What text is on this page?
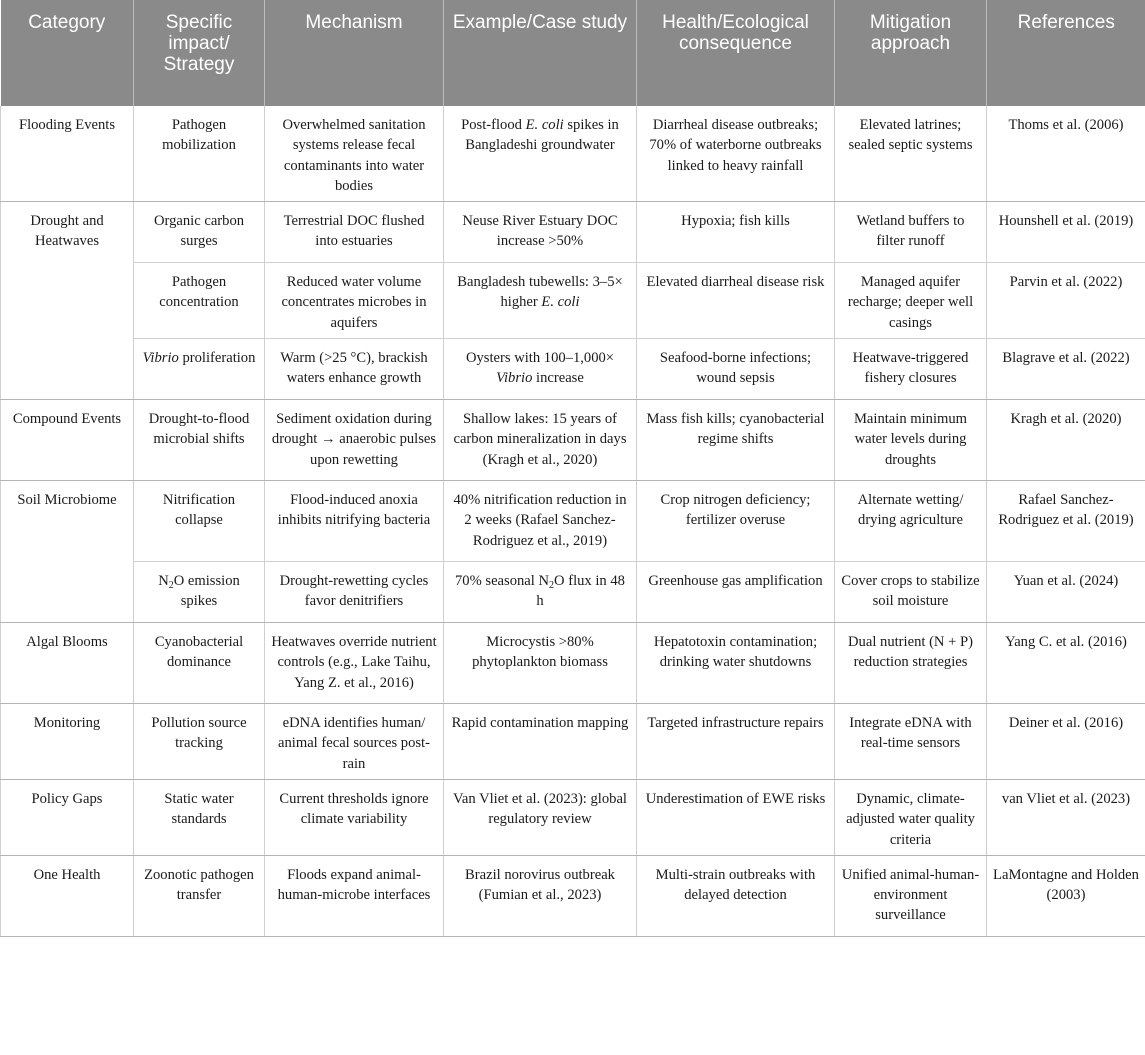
Category	Specific impact/ Strategy	Mechanism	Example/Case study	Health/Ecological consequence	Mitigation approach	References
Flooding Events	Pathogen mobilization	Overwhelmed sanitation systems release fecal contaminants into water bodies	Post-flood E. coli spikes in Bangladeshi groundwater	Diarrheal disease outbreaks; 70% of waterborne outbreaks linked to heavy rainfall	Elevated latrines; sealed septic systems	Thoms et al. (2006)
Drought and Heatwaves	Organic carbon surges	Terrestrial DOC flushed into estuaries	Neuse River Estuary DOC increase >50%	Hypoxia; fish kills	Wetland buffers to filter runoff	Hounshell et al. (2019)
	Pathogen concentration	Reduced water volume concentrates microbes in aquifers	Bangladesh tubewells: 3–5× higher E. coli	Elevated diarrheal disease risk	Managed aquifer recharge; deeper well casings	Parvin et al. (2022)
	Vibrio proliferation	Warm (>25 °C), brackish waters enhance growth	Oysters with 100–1,000× Vibrio increase	Seafood-borne infections; wound sepsis	Heatwave-triggered fishery closures	Blagrave et al. (2022)
Compound Events	Drought-to-flood microbial shifts	Sediment oxidation during drought → anaerobic pulses upon rewetting	Shallow lakes: 15 years of carbon mineralization in days (Kragh et al., 2020)	Mass fish kills; cyanobacterial regime shifts	Maintain minimum water levels during droughts	Kragh et al. (2020)
Soil Microbiome	Nitrification collapse	Flood-induced anoxia inhibits nitrifying bacteria	40% nitrification reduction in 2 weeks (Rafael Sanchez-Rodriguez et al., 2019)	Crop nitrogen deficiency; fertilizer overuse	Alternate wetting/ drying agriculture	Rafael Sanchez-Rodriguez et al. (2019)
	$N_2O$ emission spikes	Drought-rewetting cycles favor denitrifiers	70% seasonal $N_2O$ flux in 48 h	Greenhouse gas amplification	Cover crops to stabilize soil moisture	Yuan et al. (2024)
Algal Blooms	Cyanobacterial dominance	Heatwaves override nutrient controls (e.g., Lake Taihu, Yang Z. et al., 2016)	Microcystis >80% phytoplankton biomass	Hepatotoxin contamination; drinking water shutdowns	Dual nutrient (N + P) reduction strategies	Yang C. et al. (2016)
Monitoring	Pollution source tracking	eDNA identifies human/ animal fecal sources post-rain	Rapid contamination mapping	Targeted infrastructure repairs	Integrate eDNA with real-time sensors	Deiner et al. (2016)
Policy Gaps	Static water standards	Current thresholds ignore climate variability	Van Vliet et al. (2023): global regulatory review	Underestimation of EWE risks	Dynamic, climate-adjusted water quality criteria	van Vliet et al. (2023)
One Health	Zoonotic pathogen transfer	Floods expand animal-human-microbe interfaces	Brazil norovirus outbreak (Fumian et al., 2023)	Multi-strain outbreaks with delayed detection	Unified animal-human-environment surveillance	LaMontagne and Holden (2003)
